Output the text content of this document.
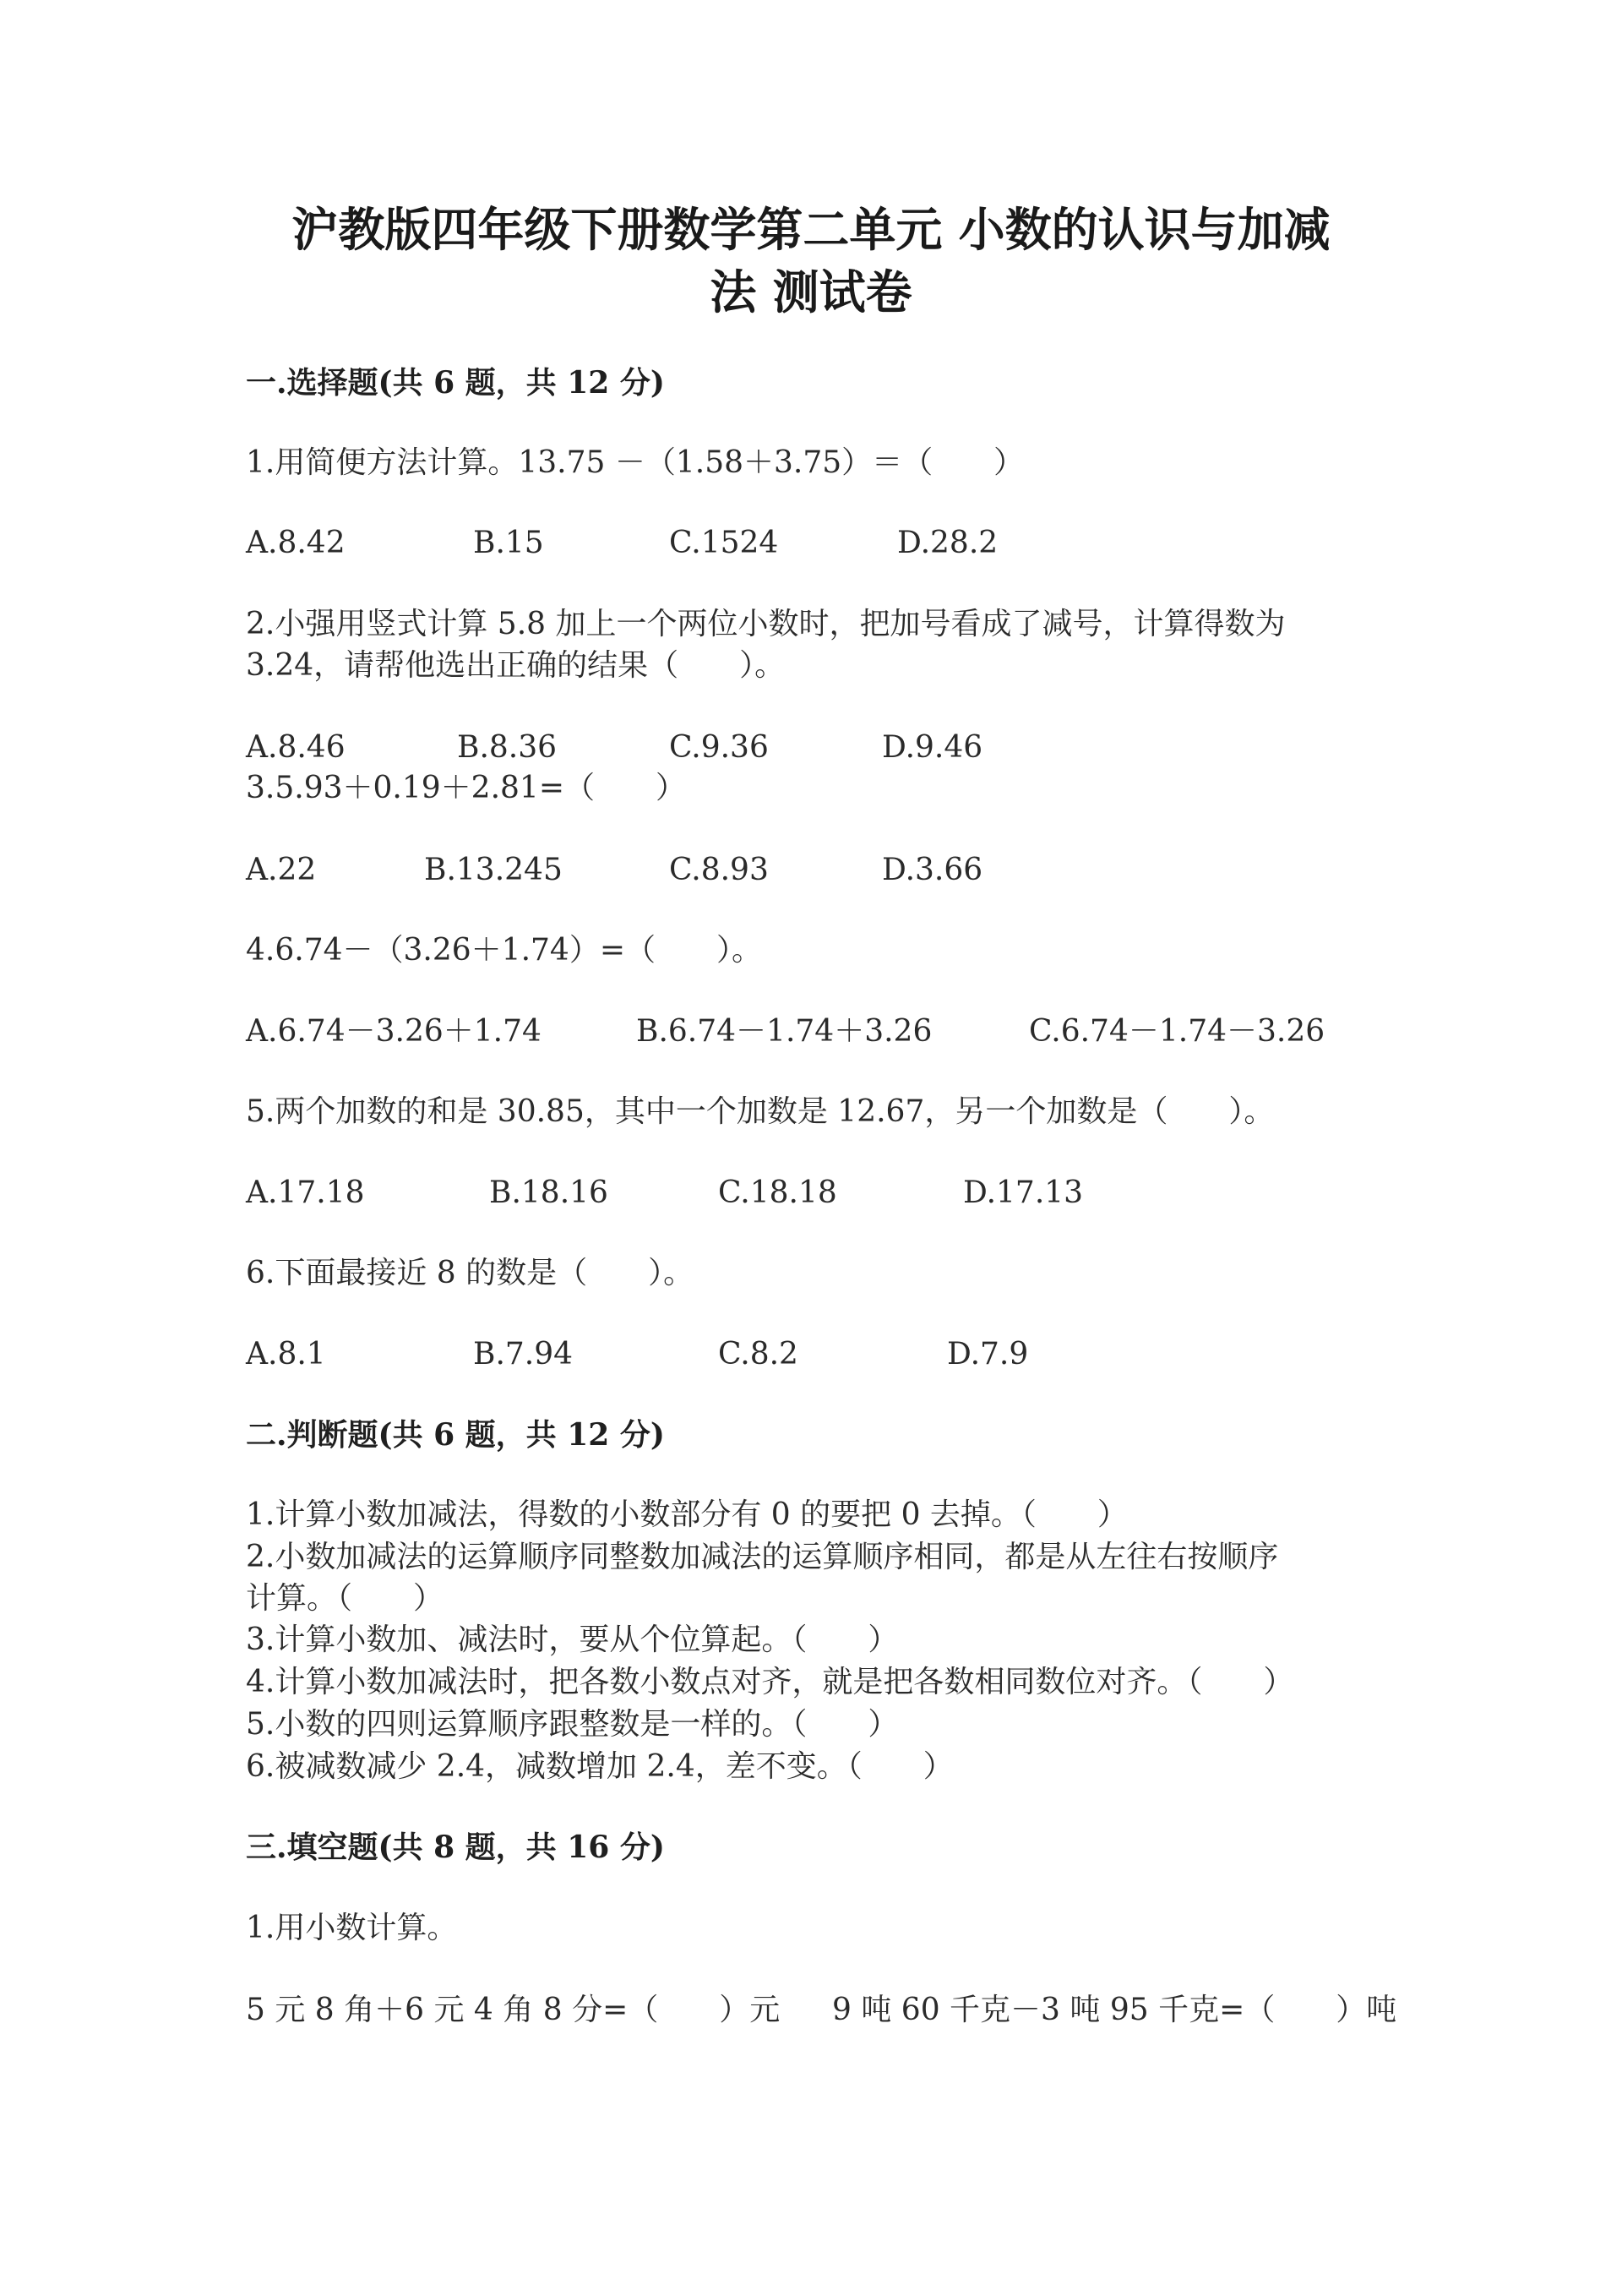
沪教版四年级下册数学第二单元 小数的认识与加减
法 测试卷
一.选择题(共 6 题，共 12 分)
1.用简便方法计算。13.75 －（1.58＋3.75）＝（　　）
A.8.42	B.15	C.1524	D.28.2
2.小强用竖式计算 5.8 加上一个两位小数时，把加号看成了减号，计算得数为
3.24，请帮他选出正确的结果（　　）。
A.8.46	B.8.36	C.9.36	D.9.46
3.5.93＋0.19＋2.81=（　　）
A.22	B.13.245	C.8.93	D.3.66
4.6.74－（3.26＋1.74）=（　　）。
A.6.74－3.26＋1.74	B.6.74－1.74＋3.26	C.6.74－1.74－3.26
5.两个加数的和是 30.85，其中一个加数是 12.67，另一个加数是（　　）。
A.17.18	B.18.16	C.18.18	D.17.13
6.下面最接近 8 的数是（　　）。
A.8.1	B.7.94	C.8.2	D.7.9
二.判断题(共 6 题，共 12 分)
1.计算小数加减法，得数的小数部分有 0 的要把 0 去掉。（　　）
2.小数加减法的运算顺序同整数加减法的运算顺序相同，都是从左往右按顺序
计算。（　　）
3.计算小数加、减法时，要从个位算起。（　　）
4.计算小数加减法时，把各数小数点对齐，就是把各数相同数位对齐。（　　）
5.小数的四则运算顺序跟整数是一样的。（　　）
6.被减数减少 2.4，减数增加 2.4，差不变。（　　）
三.填空题(共 8 题，共 16 分)
1.用小数计算。
5 元 8 角＋6 元 4 角 8 分=（　　）元 9 吨 60 千克－3 吨 95 千克=（　　）吨
